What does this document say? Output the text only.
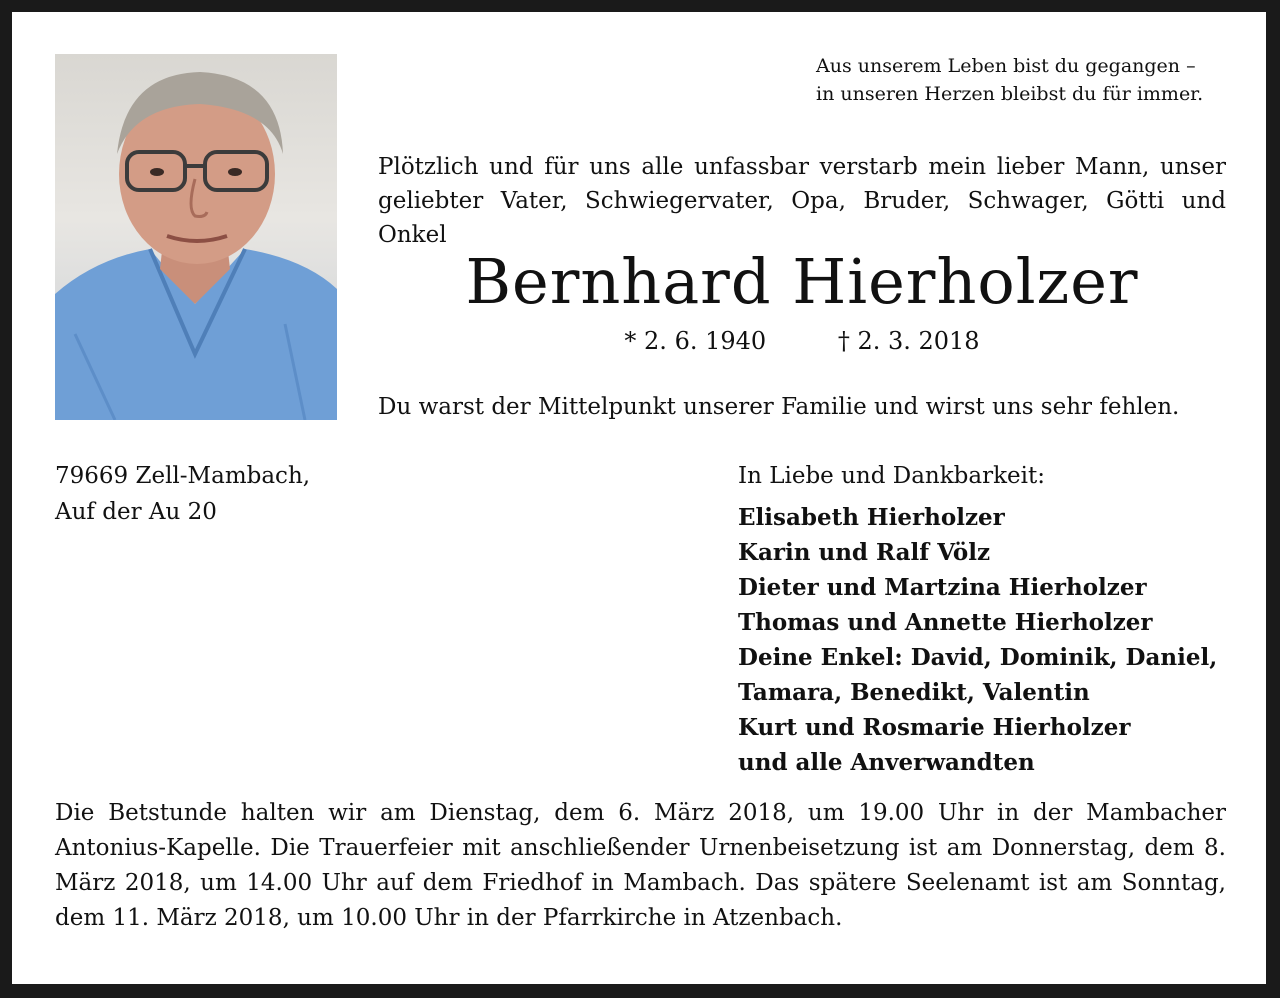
Aus unserem Leben bist du gegangen –
in unseren Herzen bleibst du für immer.
Plötzlich und für uns alle unfassbar verstarb mein lieber Mann, unser
geliebter Vater, Schwiegervater, Opa, Bruder, Schwager, Götti und Onkel
Bernhard Hierholzer
* 2. 6. 1940	† 2. 3. 2018
Du warst der Mittelpunkt unserer Familie und wirst uns sehr fehlen.
79669 Zell-Mambach,
Auf der Au 20
In Liebe und Dankbarkeit:
Elisabeth Hierholzer
Karin und Ralf Völz
Dieter und Martzina Hierholzer
Thomas und Annette Hierholzer
Deine Enkel: David, Dominik, Daniel,
Tamara, Benedikt, Valentin
Kurt und Rosmarie Hierholzer
und alle Anverwandten
Die Betstunde halten wir am Dienstag, dem 6. März 2018, um 19.00 Uhr in der Mambacher Antonius-Kapelle. Die Trauerfeier mit anschließender Urnenbeisetzung ist am Donnerstag, dem 8. März 2018, um 14.00 Uhr auf dem Friedhof in Mambach. Das spätere Seelenamt ist am Sonntag, dem 11. März 2018, um 10.00 Uhr in der Pfarrkirche in Atzenbach.
